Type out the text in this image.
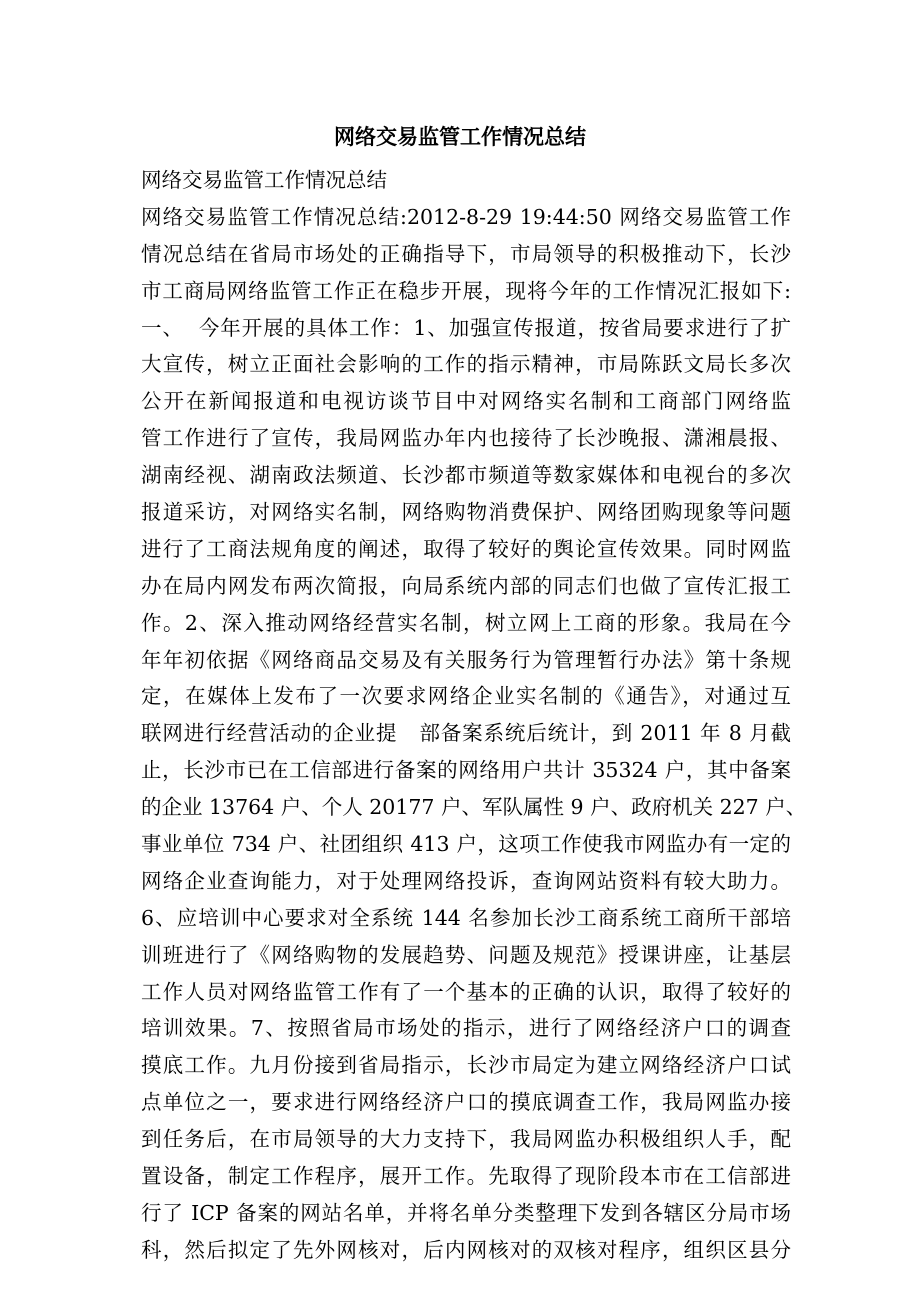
网络交易监管工作情况总结
网络交易监管工作情况总结
网络交易监管工作情况总结:2012-8-29 19:44:50 网络交易监管工作
情况总结在省局市场处的正确指导下，市局领导的积极推动下，长沙
市工商局网络监管工作正在稳步开展，现将今年的工作情况汇报如下:
一、  今年开展的具体工作：1、加强宣传报道，按省局要求进行了扩
大宣传，树立正面社会影响的工作的指示精神，市局陈跃文局长多次
公开在新闻报道和电视访谈节目中对网络实名制和工商部门网络监
管工作进行了宣传，我局网监办年内也接待了长沙晚报、潇湘晨报、
湖南经视、湖南政法频道、长沙都市频道等数家媒体和电视台的多次
报道采访，对网络实名制，网络购物消费保护、网络团购现象等问题
进行了工商法规角度的阐述，取得了较好的舆论宣传效果。同时网监
办在局内网发布两次简报，向局系统内部的同志们也做了宣传汇报工
作。2、深入推动网络经营实名制，树立网上工商的形象。我局在今
年年初依据《网络商品交易及有关服务行为管理暂行办法》第十条规
定，在媒体上发布了一次要求网络企业实名制的《通告》，对通过互
联网进行经营活动的企业提   部备案系统后统计，到 2011 年 8 月截
止，长沙市已在工信部进行备案的网络用户共计 35324 户，其中备案
的企业 13764 户、个人 20177 户、军队属性 9 户、政府机关 227 户、
事业单位 734 户、社团组织 413 户，这项工作使我市网监办有一定的
网络企业查询能力，对于处理网络投诉，查询网站资料有较大助力。
6、应培训中心要求对全系统 144 名参加长沙工商系统工商所干部培
训班进行了《网络购物的发展趋势、问题及规范》授课讲座，让基层
工作人员对网络监管工作有了一个基本的正确的认识，取得了较好的
培训效果。7、按照省局市场处的指示，进行了网络经济户口的调查
摸底工作。九月份接到省局指示，长沙市局定为建立网络经济户口试
点单位之一，要求进行网络经济户口的摸底调查工作，我局网监办接
到任务后，在市局领导的大力支持下，我局网监办积极组织人手，配
置设备，制定工作程序，展开工作。先取得了现阶段本市在工信部进
行了 ICP 备案的网站名单，并将名单分类整理下发到各辖区分局市场
科，然后拟定了先外网核对，后内网核对的双核对程序，组织区县分
